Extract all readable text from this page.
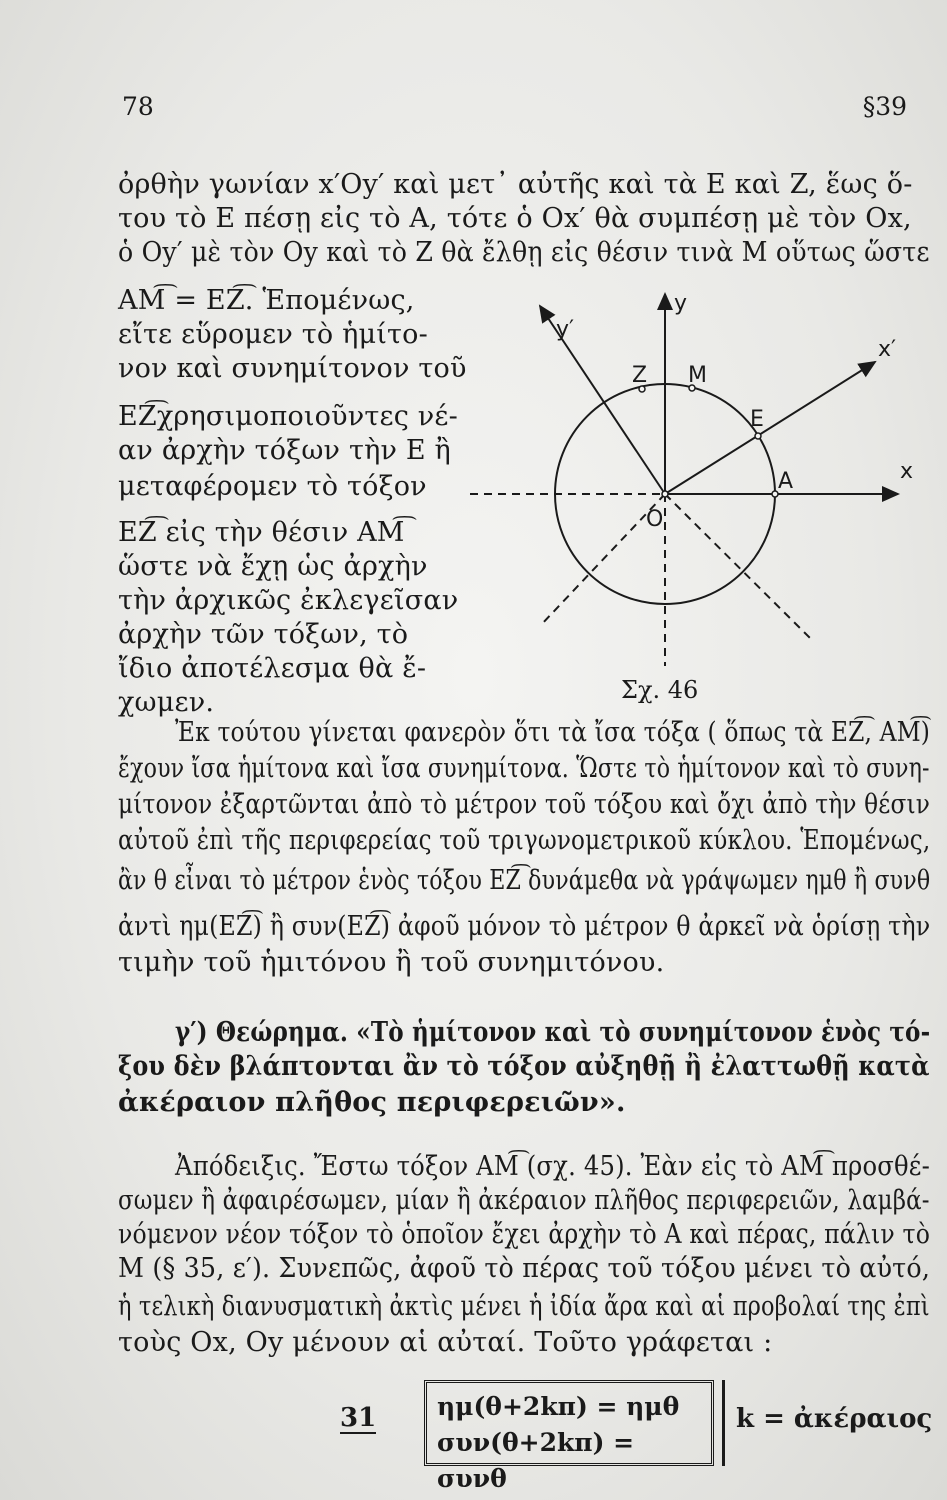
78	§39
ὀρθὴν γωνίαν x′Oy′ καὶ μετ᾽ αὐτῆς καὶ τὰ E καὶ Z, ἕως ὅ-
του τὸ E πέσῃ εἰς τὸ A, τότε ὁ Ox′ θὰ συμπέσῃ μὲ τὸν Ox,
ὁ Oy′ μὲ τὸν Oy καὶ τὸ Z θὰ ἔλθῃ εἰς θέσιν τινὰ M οὕτως ὥστε
AM͡ = EZ͡. Ἑπομένως,
εἴτε εὕρομεν τὸ ἡμίτο-
νον καὶ συνημίτονον τοῦ
EZ͡χρησιμοποιοῦντες νέ-
αν ἀρχὴν τόξων τὴν E ἢ
μεταφέρομεν τὸ τόξον
EZ͡ εἰς τὴν θέσιν AM͡
ὥστε νὰ ἔχῃ ὡς ἀρχὴν
τὴν ἀρχικῶς ἐκλεγεῖσαν
ἀρχὴν τῶν τόξων, τὸ
ἴδιο ἀποτέλεσμα θὰ ἔ-
χωμεν.
y
y′
x
x′
Z M
E
A
O
Σχ. 46
Ἐκ τούτου γίνεται φανερὸν ὅτι τὰ ἴσα τόξα ( ὅπως τὰ EZ͡, AM͡)
ἔχουν ἴσα ἡμίτονα καὶ ἴσα συνημίτονα. Ὥστε τὸ ἡμίτονον καὶ τὸ συνη-
μίτονον ἐξαρτῶνται ἀπὸ τὸ μέτρον τοῦ τόξου καὶ ὄχι ἀπὸ τὴν θέσιν
αὐτοῦ ἐπὶ τῆς περιφερείας τοῦ τριγωνομετρικοῦ κύκλου. Ἑπομένως,
ἂν θ εἶναι τὸ μέτρον ἑνὸς τόξου EZ͡ δυνάμεθα νὰ γράψωμεν ημθ ἢ συνθ
ἀντὶ ημ(EZ͡) ἢ συν(EZ͡) ἀφοῦ μόνον τὸ μέτρον θ ἀρκεῖ νὰ ὁρίσῃ τὴν
τιμὴν τοῦ ἡμιτόνου ἢ τοῦ συνημιτόνου.
γ′) Θεώρημα. «Τὸ ἡμίτονον καὶ τὸ συνημίτονον ἑνὸς τό-
ξου δὲν βλάπτονται ἂν τὸ τόξον αὐξηθῇ ἢ ἐλαττωθῇ κατὰ
ἀκέραιον πλῆθος περιφερειῶν».
Ἀπόδειξις. Ἔστω τόξον AM͡ (σχ. 45). Ἐὰν εἰς τὸ AM͡ προσθέ-
σωμεν ἢ ἀφαιρέσωμεν, μίαν ἢ ἀκέραιον πλῆθος περιφερειῶν, λαμβά-
νόμενον νέον τόξον τὸ ὁποῖον ἔχει ἀρχὴν τὸ A καὶ πέρας, πάλιν τὸ
M (§ 35, ε′). Συνεπῶς, ἀφοῦ τὸ πέρας τοῦ τόξου μένει τὸ αὐτό,
ἡ τελικὴ διανυσματικὴ ἀκτὶς μένει ἡ ἰδία ἄρα καὶ αἱ προβολαί της ἐπὶ
τοὺς Ox, Oy μένουν αἱ αὐταί. Τοῦτο γράφεται :
31 ημ(θ+2kπ) = ημθ
συν(θ+2kπ) = συνθ
k = ἀκέραιος
